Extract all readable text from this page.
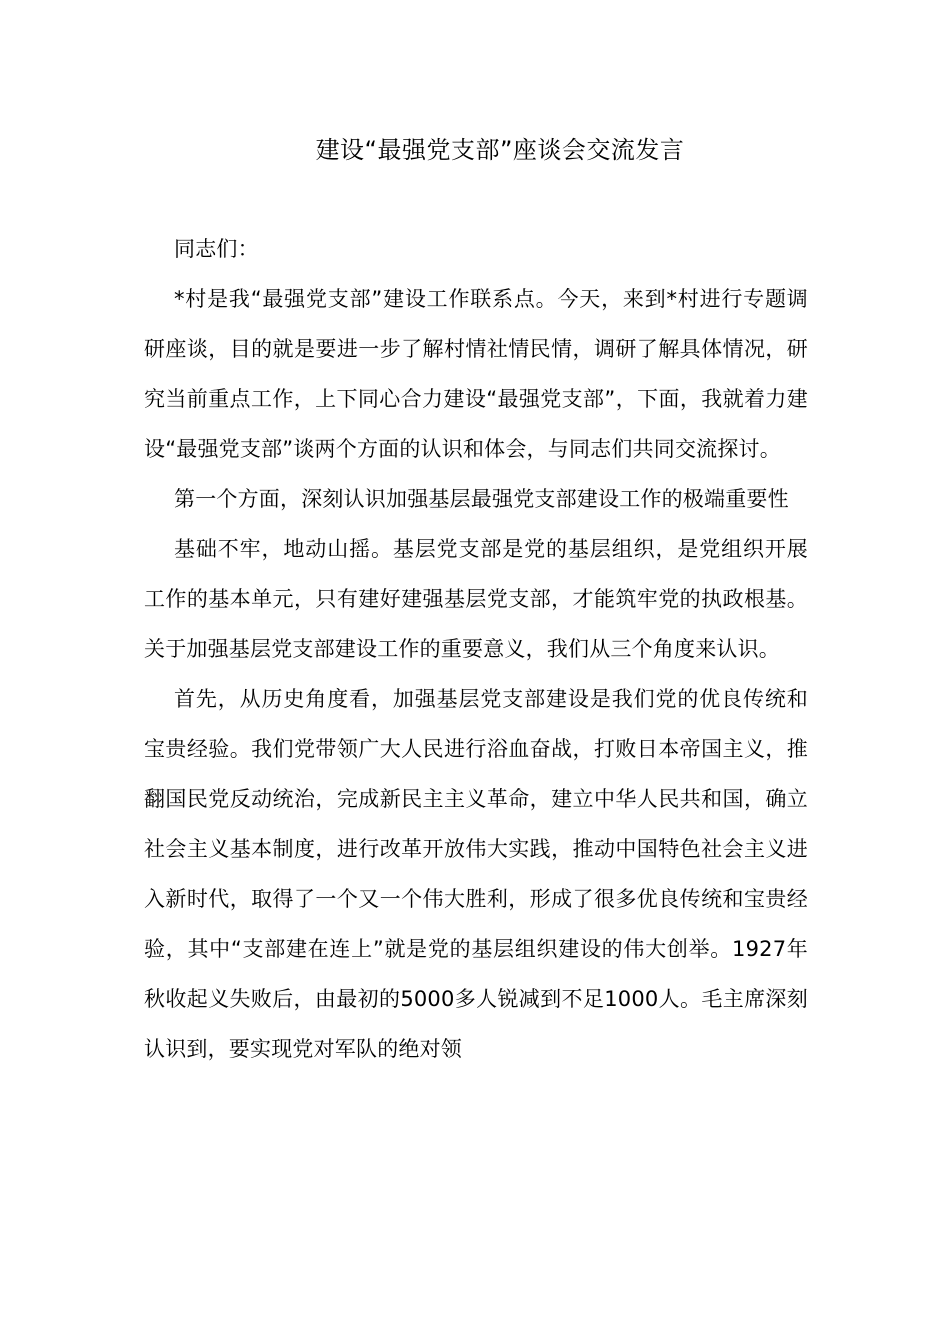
建设“最强党支部”座谈会交流发言

同志们：

*村是我“最强党支部”建设工作联系点。今天，来到*村进行专题调研座谈，目的就是要进一步了解村情社情民情，调研了解具体情况，研究当前重点工作，上下同心合力建设“最强党支部”，下面，我就着力建设“最强党支部”谈两个方面的认识和体会，与同志们共同交流探讨。

第一个方面，深刻认识加强基层最强党支部建设工作的极端重要性

基础不牢，地动山摇。基层党支部是党的基层组织，是党组织开展工作的基本单元，只有建好建强基层党支部，才能筑牢党的执政根基。关于加强基层党支部建设工作的重要意义，我们从三个角度来认识。

首先，从历史角度看，加强基层党支部建设是我们党的优良传统和宝贵经验。我们党带领广大人民进行浴血奋战，打败日本帝国主义，推翻国民党反动统治，完成新民主主义革命，建立中华人民共和国，确立社会主义基本制度，进行改革开放伟大实践，推动中国特色社会主义进入新时代，取得了一个又一个伟大胜利，形成了很多优良传统和宝贵经验，其中“支部建在连上”就是党的基层组织建设的伟大创举。1927年秋收起义失败后，由最初的5000多人锐减到不足1000人。毛主席深刻认识到，要实现党对军队的绝对领
